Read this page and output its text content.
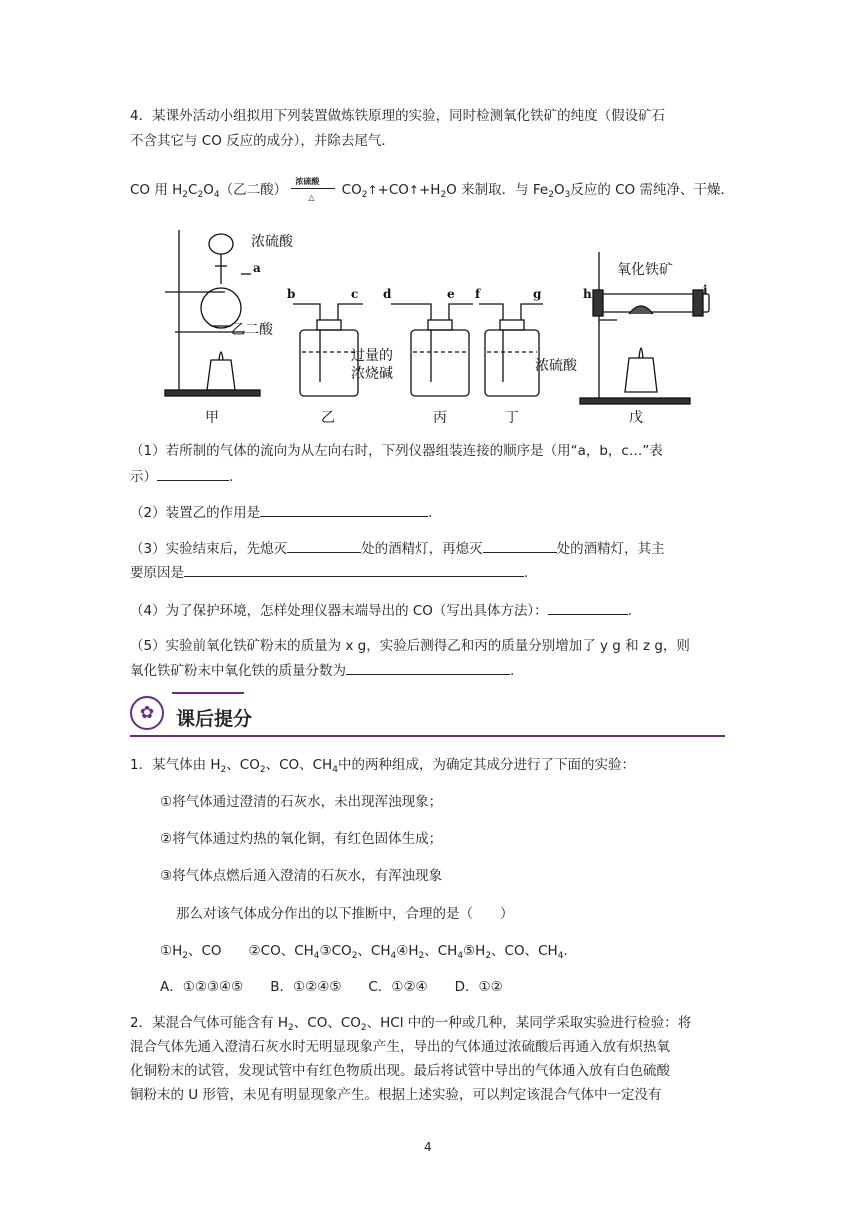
4．某课外活动小组拟用下列装置做炼铁原理的实验，同时检测氧化铁矿的纯度（假设矿石
不含其它与 CO 反应的成分），并除去尾气．
CO 用 $H_2C_2O_4$（乙二酸）
浓硫酸
△ $CO_2↑+CO↑+H_2O$ 来制取．与 $Fe_2O_3$反应的 CO 需纯净、干燥．
浓硫酸
乙二酸
过量的
浓烧碱	浓硫酸
氧化铁矿
a
b	c d	e f	g	h	i
甲	乙	丙	丁	戊
（1）若所制的气体的流向为从左向右时，下列仪器组装连接的顺序是（用“a，b，c…”表
示）	.
（2）装置乙的作用是	.
（3）实验结束后，先熄灭	处的酒精灯，再熄灭	处的酒精灯，其主
要原因是	.
（4）为了保护环境，怎样处理仪器末端导出的 CO（写出具体方法）：	.
（5）实验前氧化铁矿粉末的质量为 x g，实验后测得乙和丙的质量分别增加了 y g 和 z g，则
氧化铁矿粉末中氧化铁的质量分数为	.
✿	课后提分
1．某气体由 $H_2$、$CO_2$、CO、$CH_4$中的两种组成，为确定其成分进行了下面的实验：
①将气体通过澄清的石灰水，未出现浑浊现象；
②将气体通过灼热的氧化铜，有红色固体生成；
③将气体点燃后通入澄清的石灰水，有浑浊现象
那么对该气体成分作出的以下推断中，合理的是（　　）
$①H_2$、CO　　②CO、$CH_4③CO_2$、$CH_4④H_2$、$CH_4⑤H_2$、CO、$CH_4$.
A．①②③④⑤　　B．①②④⑤　　C．①②④　　D．①②
2．某混合气体可能含有 $H_2$、CO、$CO_2$、HCl 中的一种或几种，某同学采取实验进行检验：将
混合气体先通入澄清石灰水时无明显现象产生，导出的气体通过浓硫酸后再通入放有炽热氧
化铜粉末的试管，发现试管中有红色物质出现。最后将试管中导出的气体通入放有白色硫酸
铜粉末的 U 形管，未见有明显现象产生。根据上述实验，可以判定该混合气体中一定没有
4
